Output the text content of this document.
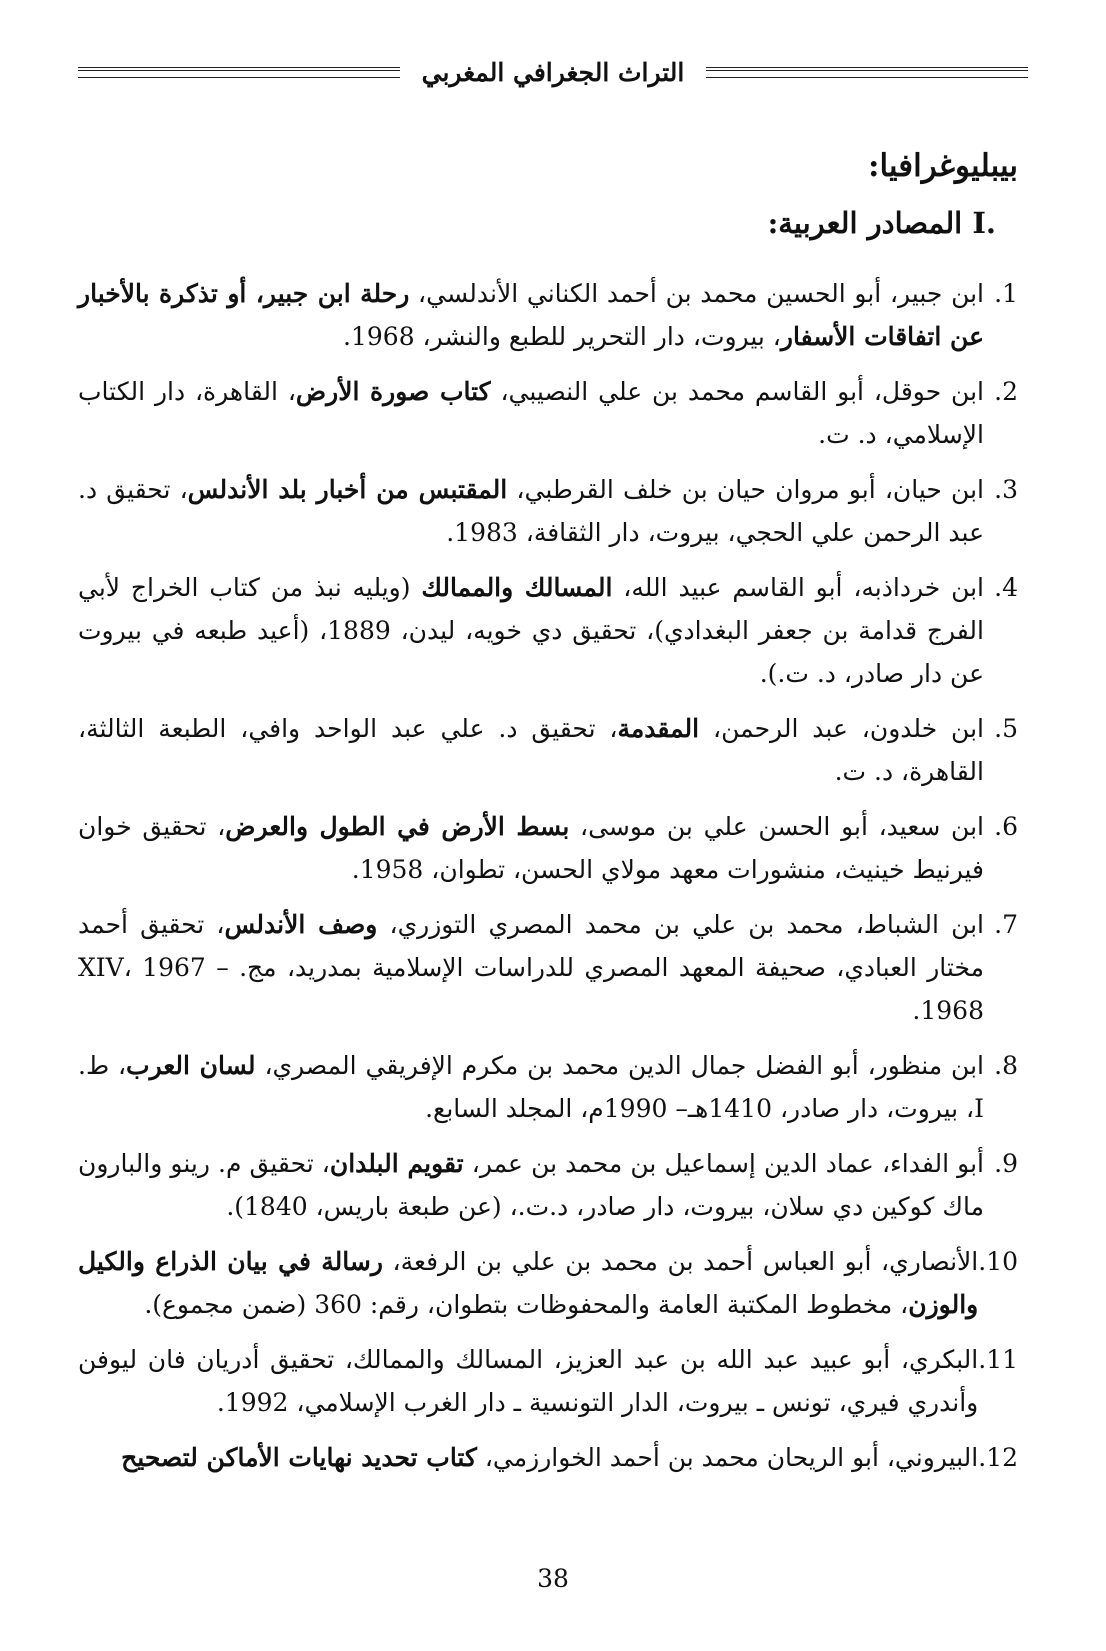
التراث الجغرافي المغربي
بيبليوغرافيا:
I. المصادر العربية:
1.
ابن جبير، أبو الحسين محمد بن أحمد الكناني الأندلسي، رحلة ابن جبير، أو تذكرة بالأخبار عن اتفاقات الأسفار، بيروت، دار التحرير للطبع والنشر، 1968.
2.
ابن حوقل، أبو القاسم محمد بن علي النصيبي، كتاب صورة الأرض، القاهرة، دار الكتاب الإسلامي، د. ت.
3.
ابن حيان، أبو مروان حيان بن خلف القرطبي، المقتبس من أخبار بلد الأندلس، تحقيق د. عبد الرحمن علي الحجي، بيروت، دار الثقافة، 1983.
4.
ابن خرداذبه، أبو القاسم عبيد الله، المسالك والممالك (ويليه نبذ من كتاب الخراج لأبي الفرج قدامة بن جعفر البغدادي)، تحقيق دي خويه، ليدن، 1889، (أعيد طبعه في بيروت عن دار صادر، د. ت.).
5.
ابن خلدون، عبد الرحمن، المقدمة، تحقيق د. علي عبد الواحد وافي، الطبعة الثالثة، القاهرة، د. ت.
6.
ابن سعيد، أبو الحسن علي بن موسى، بسط الأرض في الطول والعرض، تحقيق خوان فيرنيط خينيث، منشورات معهد مولاي الحسن، تطوان، 1958.
7.
ابن الشباط، محمد بن علي بن محمد المصري التوزري، وصف الأندلس، تحقيق أحمد مختار العبادي، صحيفة المعهد المصري للدراسات الإسلامية بمدريد، مج. XIV، 1967 – 1968.
8.
ابن منظور، أبو الفضل جمال الدين محمد بن مكرم الإفريقي المصري، لسان العرب، ط. I، بيروت، دار صادر، 1410هـ– 1990م، المجلد السابع.
9.
أبو الفداء، عماد الدين إسماعيل بن محمد بن عمر، تقويم البلدان، تحقيق م. رينو والبارون ماك كوكين دي سلان، بيروت، دار صادر، د.ت.، (عن طبعة باريس، 1840).
10.
الأنصاري، أبو العباس أحمد بن محمد بن علي بن الرفعة، رسالة في بيان الذراع والكيل والوزن، مخطوط المكتبة العامة والمحفوظات بتطوان، رقم: 360 (ضمن مجموع).
11.
البكري، أبو عبيد عبد الله بن عبد العزيز، المسالك والممالك، تحقيق أدريان فان ليوفن وأندري فيري، تونس ـ بيروت، الدار التونسية ـ دار الغرب الإسلامي، 1992.
12.
البيروني، أبو الريحان محمد بن أحمد الخوارزمي، كتاب تحديد نهايات الأماكن لتصحيح
38
